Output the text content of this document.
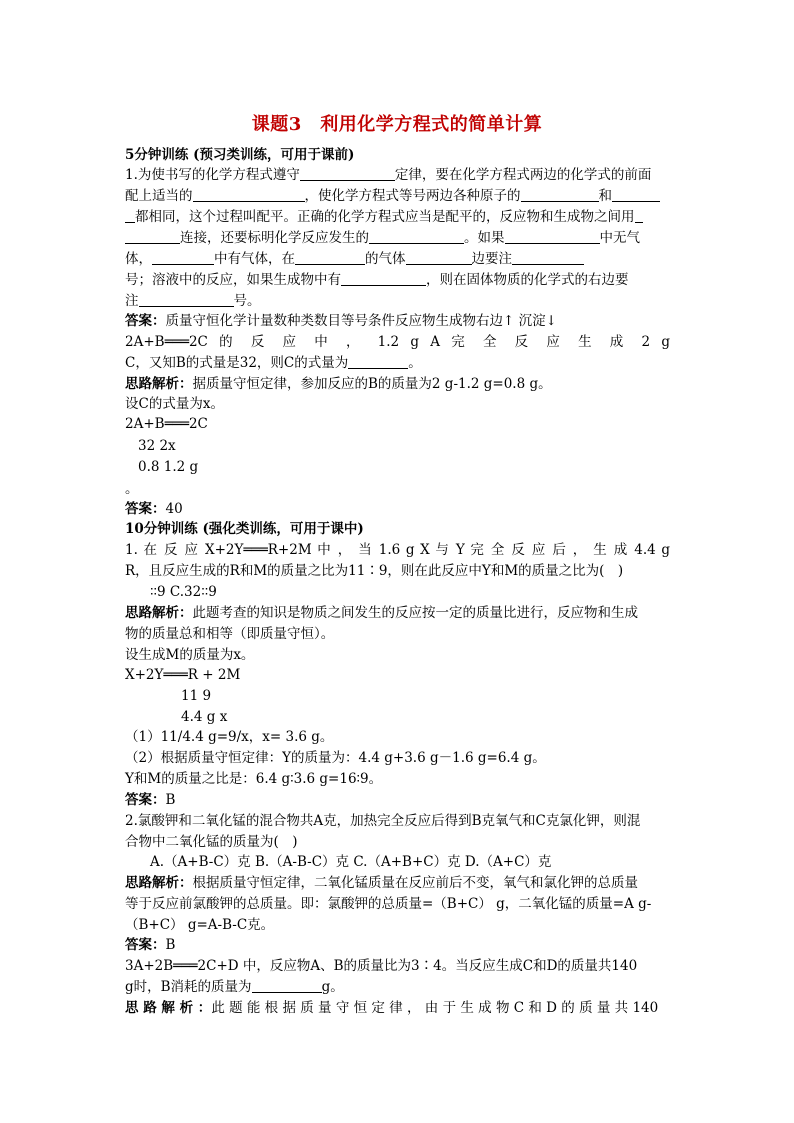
课题3　利用化学方程式的简单计算
5分钟训练 (预习类训练，可用于课前)
1.为使书写的化学方程式遵守	定律，要在化学方程式两边的化学式的前面
配上适当的	，使化学方程式等号两边各种原子的	和
都相同，这个过程叫配平。正确的化学方程式应当是配平的，反应物和生成物之间用
连接，还要标明化学反应发生的	。如果	中无气
体，	中有气体，在	的气体	边要注
号；溶液中的反应，如果生成物中有	，则在固体物质的化学式的右边要
注	号。
答案：质量守恒化学计量数种类数目等号条件反应物生成物右边↑ 沉淀↓
2A+B═══2C 的 反 应 中 ， 1.2 g A 完 全 反 应 生 成 2 g
C，又知B的式量是32，则C的式量为	。
思路解析：据质量守恒定律，参加反应的B的质量为2 g-1.2 g=0.8 g。
设C的式量为x。
2A+B═══2C
32 2x
0.8 1.2 g
。
答案：40
10分钟训练 (强化类训练，可用于课中)
1. 在 反 应 X+2Y═══R+2M 中 ， 当 1.6 g X 与 Y 完 全 反 应 后 ， 生 成 4.4 g
R，且反应生成的R和M的质量之比为11∶9，则在此反应中Y和M的质量之比为(　)
∶∶9 C.32∶∶9
思路解析：此题考查的知识是物质之间发生的反应按一定的质量比进行，反应物和生成
物的质量总和相等（即质量守恒）。
设生成M的质量为x。
X+2Y═══R + 2M
11 9
4.4 g x
（1）11/4.4 g=9/x，x= 3.6 g。
（2）根据质量守恒定律：Y的质量为：4.4 g+3.6 g－1.6 g=6.4 g。
Y和M的质量之比是：6.4 g∶3.6 g=16∶9。
答案：B
2.氯酸钾和二氧化锰的混合物共A克，加热完全反应后得到B克氧气和C克氯化钾，则混
合物中二氧化锰的质量为(　)
A.（A+B-C）克 B.（A-B-C）克 C.（A+B+C）克 D.（A+C）克
思路解析：根据质量守恒定律，二氧化锰质量在反应前后不变，氧气和氯化钾的总质量
等于反应前氯酸钾的总质量。即：氯酸钾的总质量=（B+C） g，二氧化锰的质量=A g-
（B+C） g=A-B-C克。
答案：B
3A+2B═══2C+D 中，反应物A、B的质量比为3∶4。当反应生成C和D的质量共140
g时，B消耗的质量为	g。
思 路 解 析 ：此 题 能 根 据 质 量 守 恒 定 律 ， 由 于 生 成 物 C 和 D 的 质 量 共 140
